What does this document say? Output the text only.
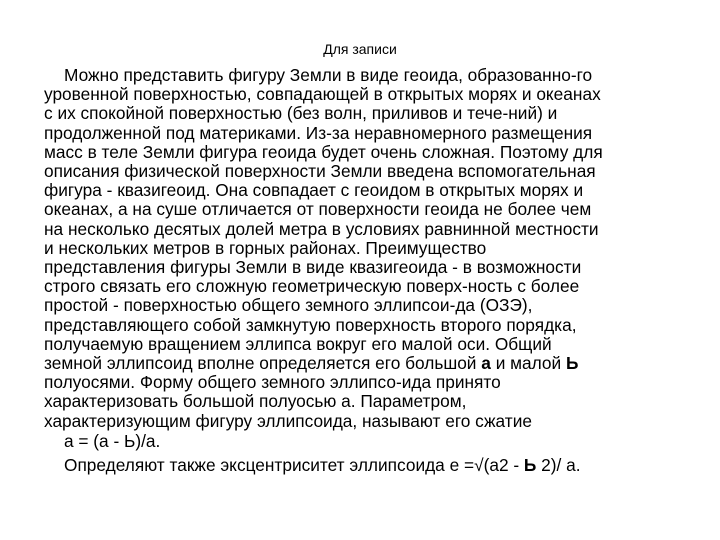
Для записи
Можно представить фигуру Земли в виде геоида, образованно-го
уровенной поверхностью, совпадающей в открытых морях и океанах
с их спокойной поверхностью (без волн, приливов и тече-ний) и
продолженной под материками. Из-за неравномерного размещения
масс в теле Земли фигура геоида будет очень сложная. Поэтому для
описания физической поверхности Земли введена вспомогательная
фигура - квазигеоид. Она совпадает с геоидом в открытых морях и
океанах, а на суше отличается от поверхности геоида не более чем
на несколько десятых долей метра в условиях равнинной местности
и нескольких метров в горных районах. Преимущество
представления фигуры Земли в виде квазигеоида - в возможности
строго связать его сложную геометрическую поверх-ность с более
простой - поверхностью общего земного эллипсои-да (ОЗЭ),
представляющего собой замкнутую поверхность второго порядка,
получаемую вращением эллипса вокруг его малой оси. Общий
земной эллипсоид вполне определяется его большой а и малой Ь
полуосями. Форму общего земного эллипсо-ида принято
характеризовать большой полуосью а. Параметром,
характеризующим фигуру эллипсоида, называют его сжатие
a = (a - Ь)/a.
Определяют также эксцентриситет эллипсоида e =√(a2 - Ь 2)/ a.
